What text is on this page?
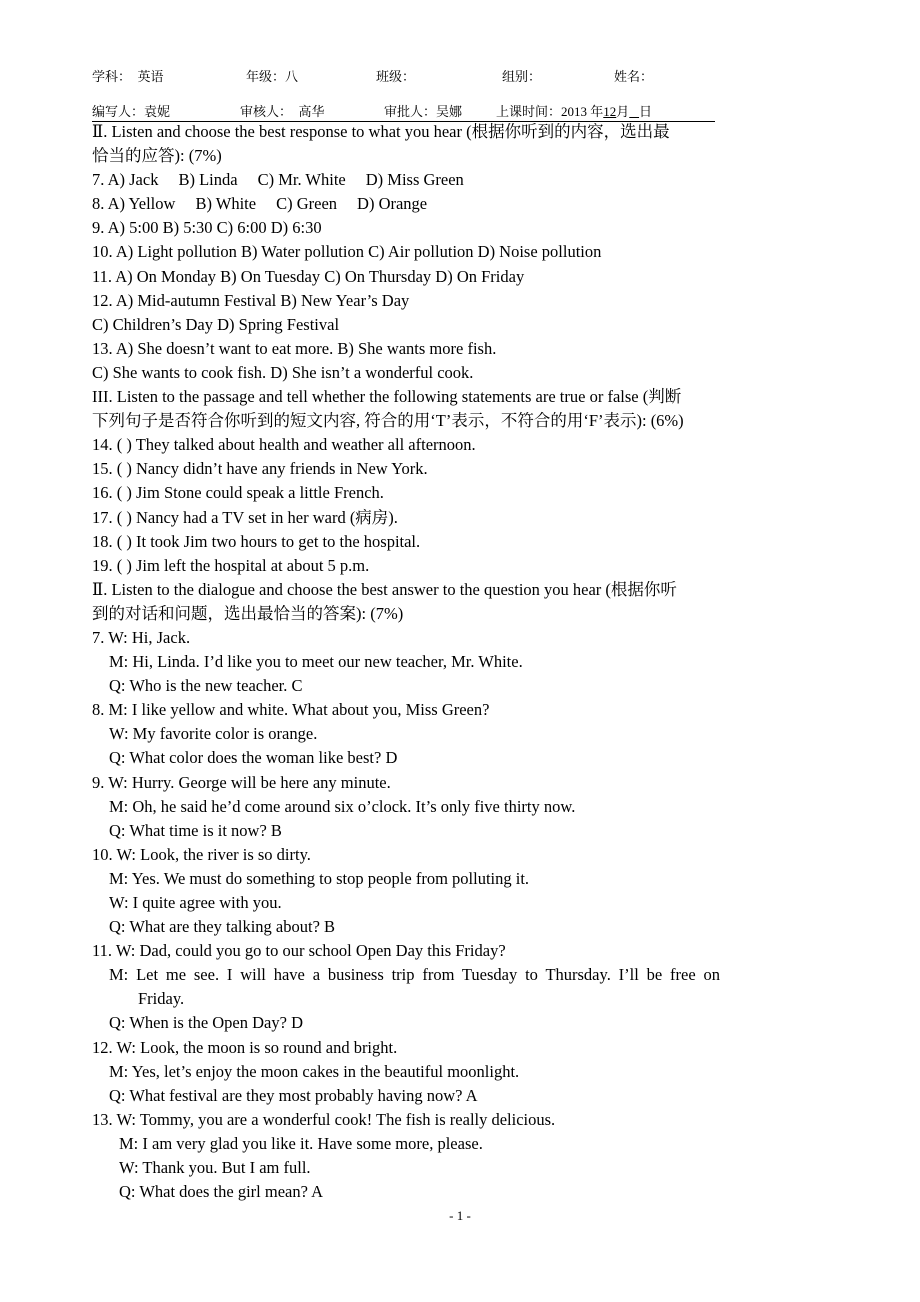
学科：　英语	年级：八	班级：	组别：	姓名：
编写人：袁妮	审核人：　高华	审批人：吴娜	上课时间：2013 年12月 日
Ⅱ. Listen and choose the best response to what you hear (根据你听到的内容，选出最
恰当的应答): (7%)
7. A) Jack B) Linda C) Mr. White D) Miss Green
8. A) Yellow B) White C) Green D) Orange
9. A) 5:00 B) 5:30 C) 6:00 D) 6:30
10. A) Light pollution B) Water pollution C) Air pollution D) Noise pollution
11. A) On Monday B) On Tuesday C) On Thursday D) On Friday
12. A) Mid-autumn Festival B) New Year’s Day
C) Children’s Day D) Spring Festival
13. A) She doesn’t want to eat more. B) She wants more fish.
C) She wants to cook fish. D) She isn’t a wonderful cook.
III. Listen to the passage and tell whether the following statements are true or false (判断
下列句子是否符合你听到的短文内容, 符合的用‘T’表示，不符合的用‘F’表示): (6%)
14. ( ) They talked about health and weather all afternoon.
15. ( ) Nancy didn’t have any friends in New York.
16. ( ) Jim Stone could speak a little French.
17. ( ) Nancy had a TV set in her ward (病房).
18. ( ) It took Jim two hours to get to the hospital.
19. ( ) Jim left the hospital at about 5 p.m.
Ⅱ. Listen to the dialogue and choose the best answer to the question you hear (根据你听
到的对话和问题，选出最恰当的答案): (7%)
7. W: Hi, Jack.
M: Hi, Linda. I’d like you to meet our new teacher, Mr. White.
Q: Who is the new teacher. C
8. M: I like yellow and white. What about you, Miss Green?
W: My favorite color is orange.
Q: What color does the woman like best? D
9. W: Hurry. George will be here any minute.
M: Oh, he said he’d come around six o’clock. It’s only five thirty now.
Q: What time is it now? B
10. W: Look, the river is so dirty.
M: Yes. We must do something to stop people from polluting it.
W: I quite agree with you.
Q: What are they talking about? B
11. W: Dad, could you go to our school Open Day this Friday?
M: Let me see. I will have a business trip from Tuesday to Thursday. I’ll be free on
Friday.
Q: When is the Open Day? D
12. W: Look, the moon is so round and bright.
M: Yes, let’s enjoy the moon cakes in the beautiful moonlight.
Q: What festival are they most probably having now? A
13. W: Tommy, you are a wonderful cook! The fish is really delicious.
M: I am very glad you like it. Have some more, please.
W: Thank you. But I am full.
Q: What does the girl mean? A
- 1 -
